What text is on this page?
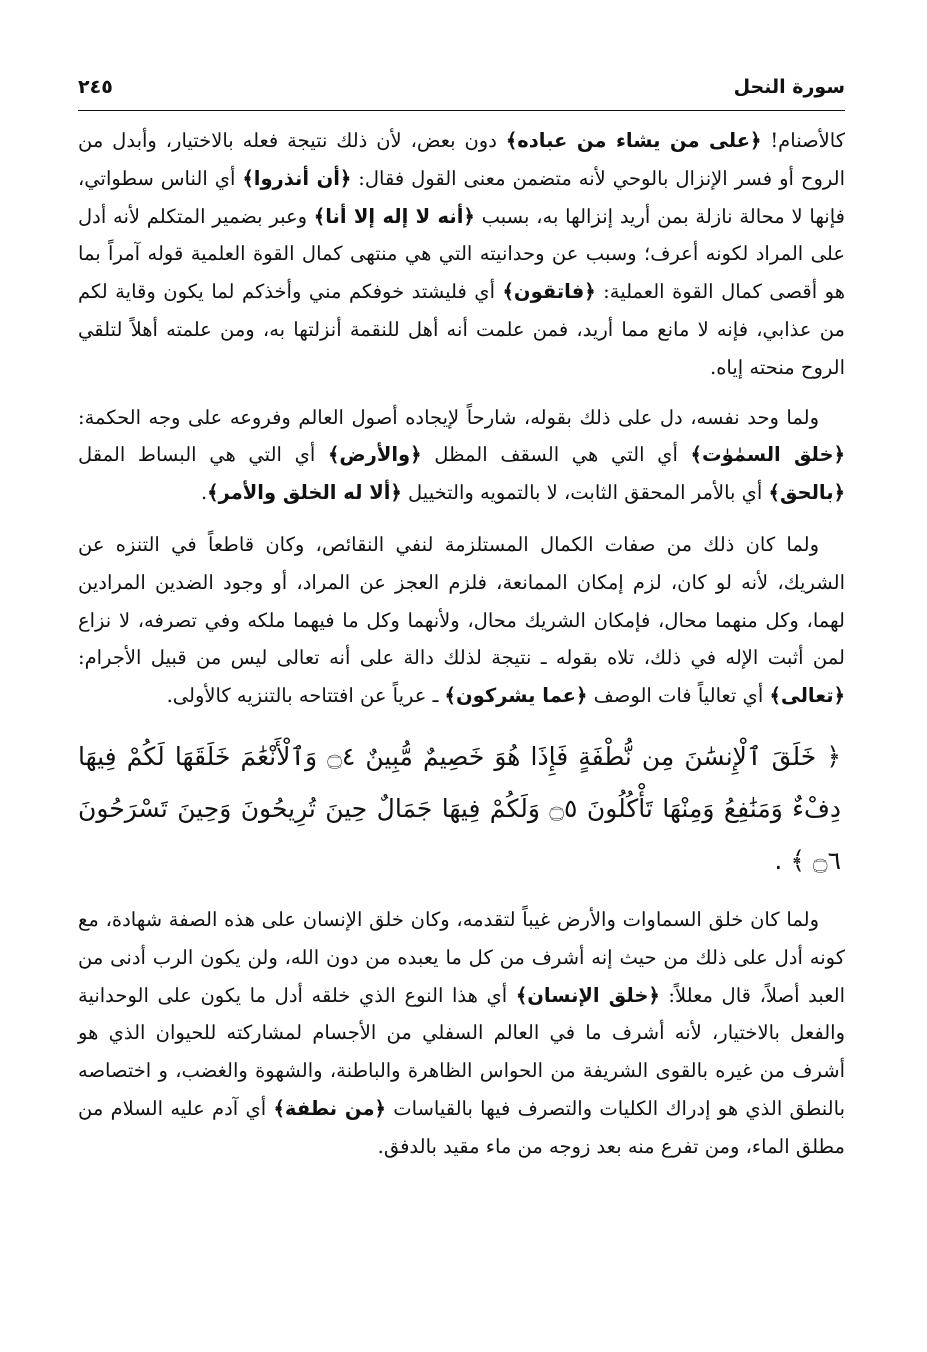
سورة النحل
٢٤٥

كالأصنام! ﴿على من يشاء من عباده﴾ دون بعض، لأن ذلك نتيجة فعله بالاختيار، وأبدل من الروح أو فسر الإنزال بالوحي لأنه متضمن معنى القول فقال: ﴿أن أنذروا﴾ أي الناس سطواتي، فإنها لا محالة نازلة بمن أريد إنزالها به، بسبب ﴿أنه لا إله إلا أنا﴾ وعبر بضمير المتكلم لأنه أدل على المراد لكونه أعرف؛ وسبب عن وحدانيته التي هي منتهى كمال القوة العلمية قوله آمراً بما هو أقصى كمال القوة العملية: ﴿فاتقون﴾ أي فليشتد خوفكم مني وأخذكم لما يكون وقاية لكم من عذابي، فإنه لا مانع مما أريد، فمن علمت أنه أهل للنقمة أنزلتها به، ومن علمته أهلاً لتلقي الروح منحته إياه.

ولما وحد نفسه، دل على ذلك بقوله، شارحاً لإيجاده أصول العالم وفروعه على وجه الحكمة: ﴿خلق السمٰوٰت﴾ أي التي هي السقف المظل ﴿والأرض﴾ أي التي هي البساط المقل ﴿بالحق﴾ أي بالأمر المحقق الثابت، لا بالتمويه والتخييل ﴿ألا له الخلق والأمر﴾.

ولما كان ذلك من صفات الكمال المستلزمة لنفي النقائص، وكان قاطعاً في التنزه عن الشريك، لأنه لو كان، لزم إمكان الممانعة، فلزم العجز عن المراد، أو وجود الضدين المرادين لهما، وكل منهما محال، فإمكان الشريك محال، ولأنهما وكل ما فيهما ملكه وفي تصرفه، لا نزاع لمن أثبت الإله في ذلك، تلاه بقوله ـ نتيجة لذلك دالة على أنه تعالى ليس من قبيل الأجرام: ﴿تعالى﴾ أي تعالياً فات الوصف ﴿عما يشركون﴾ ـ عرياً عن افتتاحه بالتنزيه كالأولى.

﴿ خَلَقَ ٱلْإِنسَٰنَ مِن نُّطْفَةٍ فَإِذَا هُوَ خَصِيمٌ مُّبِينٌ ۝٤ وَٱلْأَنْعَٰمَ خَلَقَهَا لَكُمْ فِيهَا دِفْءٌ وَمَنَٰفِعُ وَمِنْهَا تَأْكُلُونَ ۝٥ وَلَكُمْ فِيهَا جَمَالٌ حِينَ تُرِيحُونَ وَحِينَ تَسْرَحُونَ ۝٦ ﴾ .

ولما كان خلق السماوات والأرض غيباً لتقدمه، وكان خلق الإنسان على هذه الصفة شهادة، مع كونه أدل على ذلك من حيث إنه أشرف من كل ما يعبده من دون الله، ولن يكون الرب أدنى من العبد أصلاً، قال معللاً: ﴿خلق الإنسان﴾ أي هذا النوع الذي خلقه أدل ما يكون على الوحدانية والفعل بالاختيار، لأنه أشرف ما في العالم السفلي من الأجسام لمشاركته للحيوان الذي هو أشرف من غيره بالقوى الشريفة من الحواس الظاهرة والباطنة، والشهوة والغضب، و اختصاصه بالنطق الذي هو إدراك الكليات والتصرف فيها بالقياسات ﴿من نطفة﴾ أي آدم عليه السلام من مطلق الماء، ومن تفرع منه بعد زوجه من ماء مقيد بالدفق.
